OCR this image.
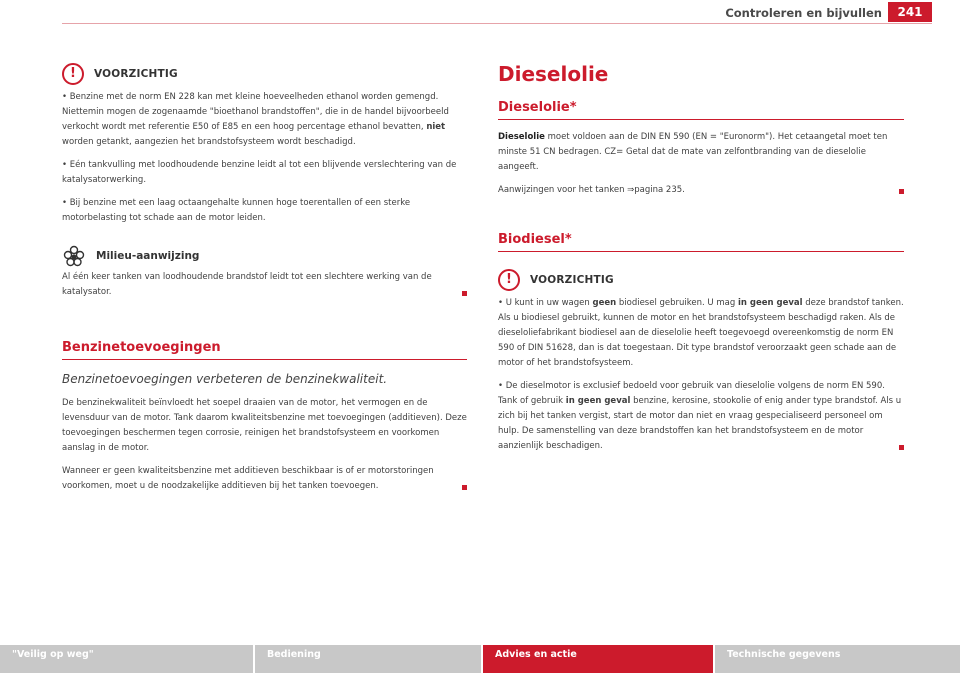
Controleren en bijvullen	241
!	VOORZICHTIG

• Benzine met de norm EN 228 kan met kleine hoeveelheden ethanol worden gemengd. Niettemin mogen de zogenaamde "bioethanol brandstoffen", die in de handel bijvoorbeeld verkocht wordt met referentie E50 of E85 en een hoog percentage ethanol bevatten, niet worden getankt, aangezien het brandstofsysteem wordt beschadigd.

• Eén tankvulling met loodhoudende benzine leidt al tot een blijvende verslechtering van de katalysatorwerking.

• Bij benzine met een laag octaangehalte kunnen hoge toerentallen of een sterke motorbelasting tot schade aan de motor leiden.

Milieu-aanwijzing

Al één keer tanken van loodhoudende brandstof leidt tot een slechtere werking van de katalysator.

Benzinetoevoegingen

Benzinetoevoegingen verbeteren de benzinekwaliteit.

De benzinekwaliteit beïnvloedt het soepel draaien van de motor, het vermogen en de levensduur van de motor. Tank daarom kwaliteitsbenzine met toevoegingen (additieven). Deze toevoegingen beschermen tegen corrosie, reinigen het brandstofsysteem en voorkomen aanslag in de motor.

Wanneer er geen kwaliteitsbenzine met additieven beschikbaar is of er motorstoringen voorkomen, moet u de noodzakelijke additieven bij het tanken toevoegen.

Dieselolie
Dieselolie*

Dieselolie moet voldoen aan de DIN EN 590 (EN = "Euronorm"). Het cetaangetal moet ten minste 51 CN bedragen. CZ= Getal dat de mate van zelfontbranding van de dieselolie aangeeft.

Aanwijzingen voor het tanken ⇒pagina 235.

Biodiesel*
!	VOORZICHTIG

• U kunt in uw wagen geen biodiesel gebruiken. U mag in geen geval deze brandstof tanken. Als u biodiesel gebruikt, kunnen de motor en het brandstofsysteem beschadigd raken. Als de dieseloliefabrikant biodiesel aan de dieselolie heeft toegevoegd overeenkomstig de norm EN 590 of DIN 51628, dan is dat toegestaan. Dit type brandstof veroorzaakt geen schade aan de motor of het brandstofsysteem.

• De dieselmotor is exclusief bedoeld voor gebruik van dieselolie volgens de norm EN 590. Tank of gebruik in geen geval benzine, kerosine, stookolie of enig ander type brandstof. Als u zich bij het tanken vergist, start de motor dan niet en vraag gespecialiseerd personeel om hulp. De samenstelling van deze brandstoffen kan het brandstofsysteem en de motor aanzienlijk beschadigen.

"Veilig op weg"	Bediening	Advies en actie	Technische gegevens
